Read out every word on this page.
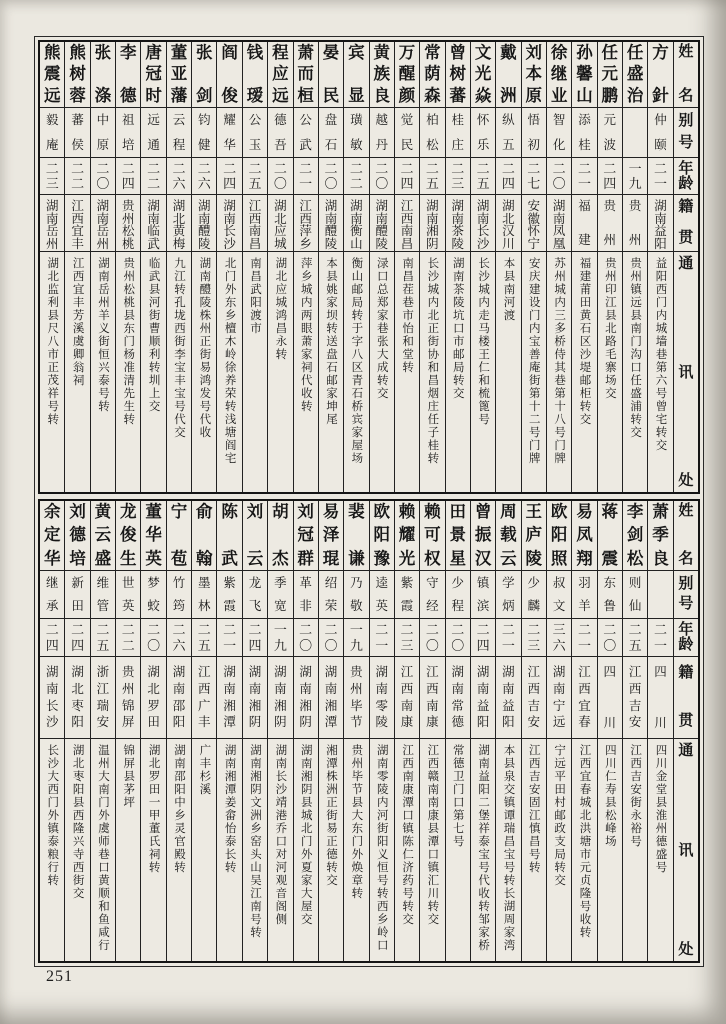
姓
名
别
号
年
龄
籍
贯
通
讯
处
方
針
仲
颐
二
一
湖
南
益
阳
益阳西门内城墙巷第六号曾宅转交
任
盛
治
一
九
贵
州
贵州镇远县南门沟口任盛浦转交
任
元
鹏
元
波
二
四
贵
州
贵州印江县北路毛寨场交
孙
馨
山
添
桂
二
一
福
建
福建莆田黄石区沙堤邮柜转交
徐
继
业
智
化
二
〇
湖
南
凤
凰
苏州城内三多桥侍其巷第十八号门牌
刘
本
原
悟
初
二
七
安
徽
怀
宁
安庆建设门内宝善庵街第十二号门牌
戴
洲
纵
五
二
四
湖
北
汉
川
本县南河渡
文
光
焱
怀
乐
二
五
湖
南
长
沙
长沙城内走马楼王仁和梳篦号
曾
树
蕃
桂
庄
二
三
湖
南
茶
陵
湖南茶陵坑口市邮局转交
常
荫
森
柏
松
二
五
湖
南
湘
阴
长沙城内北正街协和昌烟庄任子桂转
万
醒
颜
觉
民
二
四
江
西
南
昌
南昌茬巷市怡和堂转
黄
族
良
越
丹
二
〇
湖
南
醴
陵
渌口总郑家巷张大成转交
宾
显
璜
敏
二
二
湖
南
衡
山
衡山邮局转于字八区青石桥宾家屋场
晏
民
盘
石
二
〇
湖
南
醴
陵
本县姚家坝转送盘石邮家坤尾
萧
而
桓
公
武
二
一
江
西
萍
乡
萍乡城内两眼萧家祠代收转
程
应
远
德
吾
二
〇
湖
北
应
城
湖北应城鸿昌永转
钱
瑷
公
玉
二
五
江
西
南
昌
南昌武阳渡市
阎
俊
耀
华
二
四
湖
南
长
沙
北门外东乡檀木岭徐养荣转浅塘阎宅
张
剑
钧
健
二
六
湖
南
醴
陵
湖南醴陵株州正街易鸿发号代收
董
亚
藩
云
程
二
六
湖
北
黄
梅
九江转孔垅西街李宝丰宝号代交
唐
冠
时
远
通
二
二
湖
南
临
武
临武县河街曹顺利转圳上交
李
德
祖
培
二
四
贵
州
松
桃
贵州松桃县东门杨准清先生转
张
涤
中
原
二
〇
湖
南
岳
州
湖南岳州羊义街恒兴泰号转
熊
树
蓉
蕃
侯
二
二
江
西
宜
丰
江西宜丰芳溪虞卿翁祠
熊
震
远
毅
庵
二
三
湖
南
岳
州
湖北监利县尺八市正茂祥号转
姓
名
别
号
年
龄
籍
贯
通
讯
处
萧
季
良
二
一
四
川
四川金堂县淮州德盛号
李
剑
松
则
仙
二
五
江
西
吉
安
江西吉安街永裕号
蒋
震
东
鲁
二
〇
四
川
四川仁寿县松峰场
易
凤
翔
羽
羊
二
一
江
西
宜
春
江西宜春城北洪塘市元贞隆号收转
欧
阳
照
叔
文
三
六
湖
南
宁
远
宁远平田村邮政支局转交
王
庐
陵
少
麟
二
三
江
西
吉
安
江西吉安固江慎昌号转
周
载
云
学
炳
二
一
湖
南
益
阳
本县泉交镇谭瑞昌宝号转长湖周家湾
曾
振
汉
镇
滨
二
四
湖
南
益
阳
湖南益阳二堡祥泰宝号代收转邹家桥
田
景
星
少
程
二
〇
湖
南
常
德
常德卫门口第七号
赖
可
权
守
经
二
〇
江
西
南
康
江西赣南南康县潭口镇汇川转交
赖
耀
光
紫
霞
二
三
江
西
南
康
江西南康潭口镇陈仁济药号转交
欧
阳
豫
逵
英
二
一
湖
南
零
陵
湖南零陵内河街阳义恒号转西乡岭口
裴
谦
乃
敬
一
九
贵
州
毕
节
贵州毕节县大东门外焕章转
易
泽
琨
绍
荣
二
〇
湖
南
湘
潭
湘潭株洲正街易正德转交
刘
冠
群
革
非
二
〇
湖
南
湘
阴
湖南湘阴县城北门外夏家大屋交
胡
杰
季
宽
一
九
湖
南
湘
阴
湖南长沙靖港乔口对河观音阁侧
刘
云
龙
飞
二
四
湖
南
湘
阴
湖南湘阴文洲乡窑头山吴江南号转
陈
武
紫
霞
二
一
湖
南
湘
潭
湖南湘潭姜畲怡泰长转
俞
翰
墨
林
二
五
江
西
广
丰
广丰杉溪
宁
苞
竹
筠
二
六
湖
南
邵
阳
湖南邵阳中乡灵官殿转
董
华
英
梦
蛟
二
〇
湖
北
罗
田
湖北罗田一甲董氏祠转
龙
俊
生
世
英
二
二
贵
州
锦
屏
锦屏县茅坪
黄
云
盛
维
管
二
五
浙
江
瑞
安
温州大南门外虞师巷口黄顺和鱼咸行
刘
德
培
新
田
二
四
湖
北
枣
阳
湖北枣阳县西隆兴寺西街交
余
定
华
继
承
二
四
湖
南
长
沙
长沙大西门外镇泰粮行转
251
